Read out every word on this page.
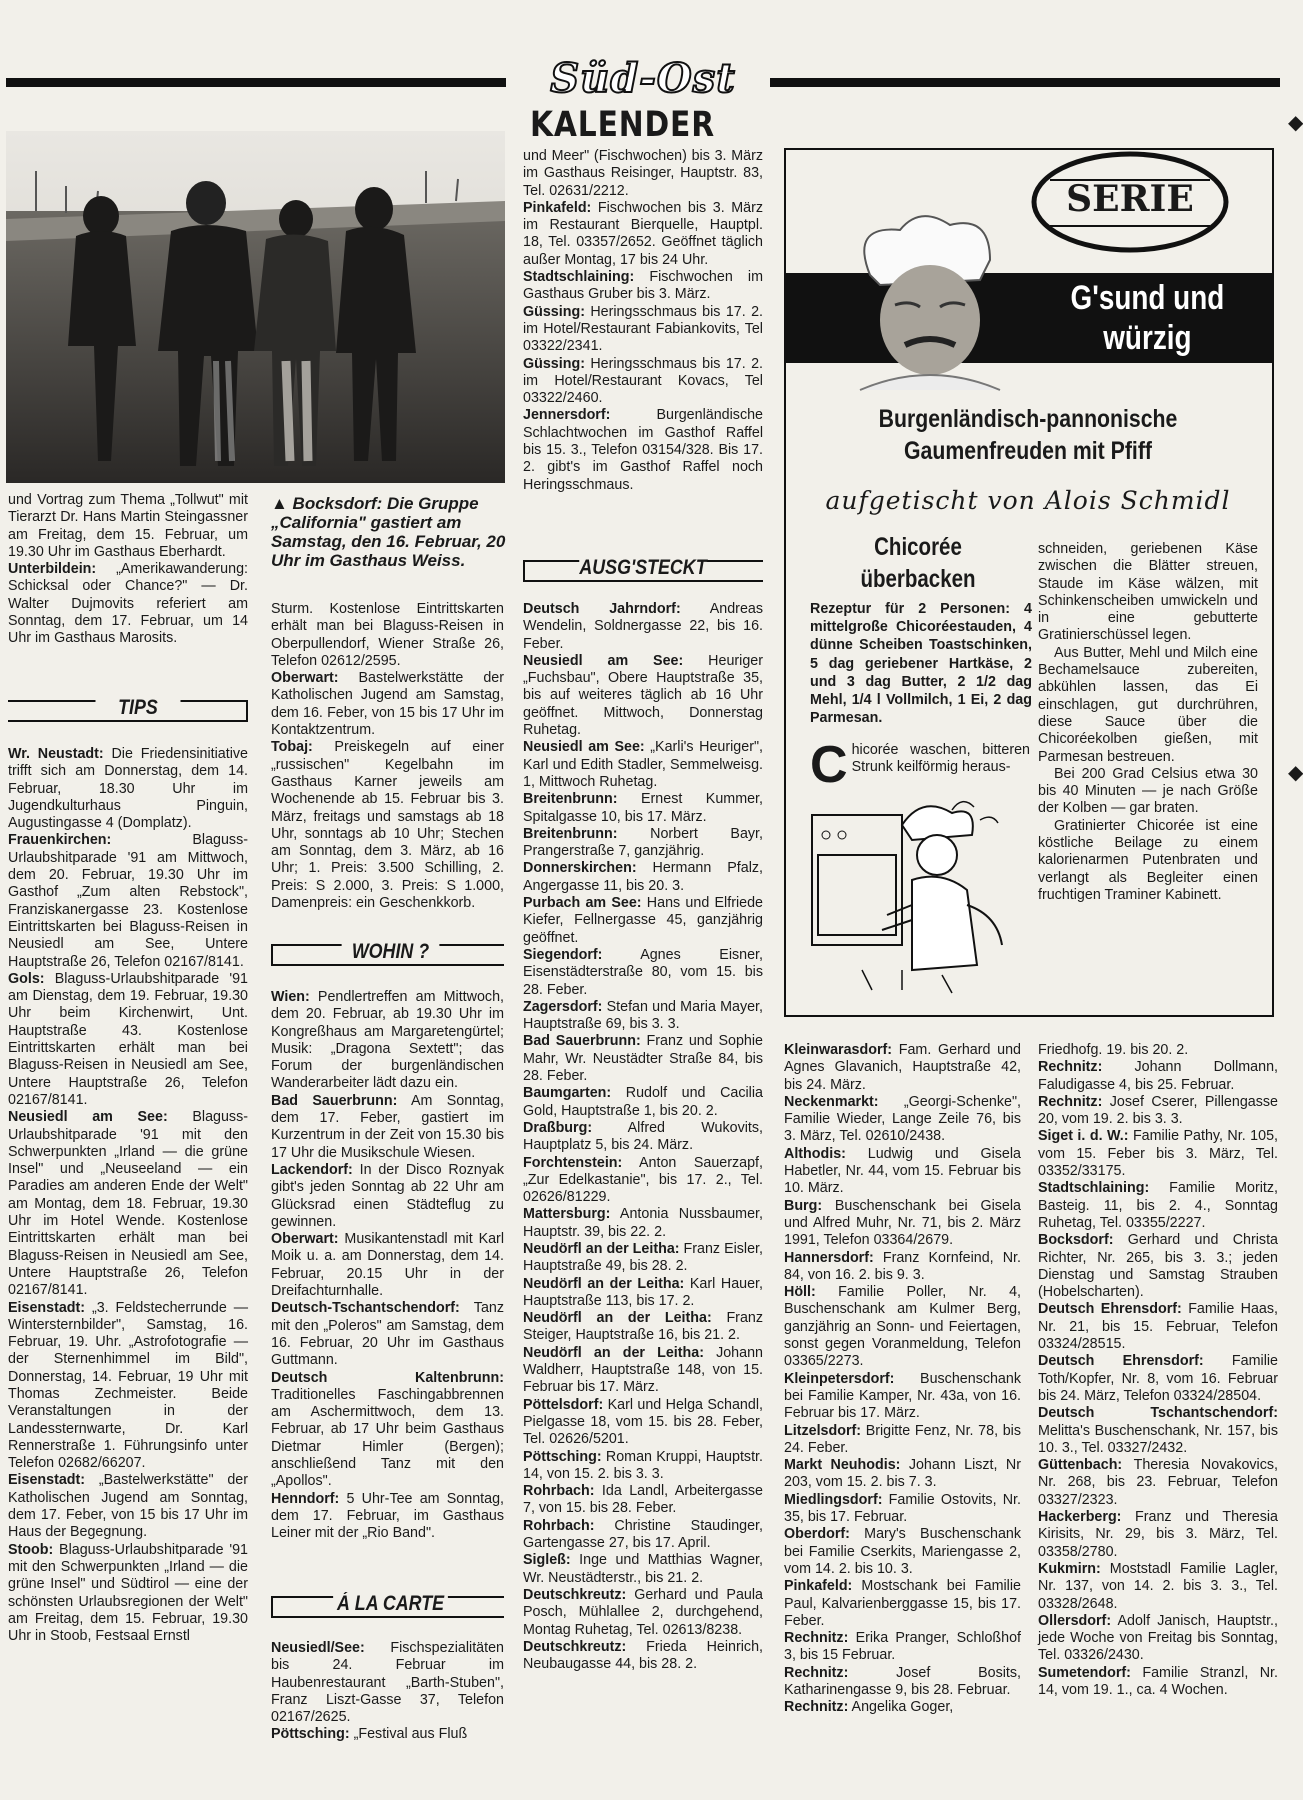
Süd-Ost
KALENDER
▲ Bocksdorf: Die Gruppe „California" gastiert am Samstag, den 16. Februar, 20 Uhr im Gasthaus Weiss.

und Vortrag zum Thema „Tollwut" mit Tierarzt Dr. Hans Martin Steingassner am Freitag, dem 15. Februar, um 19.30 Uhr im Gasthaus Eberhardt.

Unterbildein: „Amerikawanderung: Schicksal oder Chance?" — Dr. Walter Dujmovits referiert am Sonntag, dem 17. Februar, um 14 Uhr im Gasthaus Marosits.

TIPS

Wr. Neustadt: Die Friedensinitiative trifft sich am Donnerstag, dem 14. Februar, 18.30 Uhr im Jugendkulturhaus Pinguin, Augustingasse 4 (Domplatz).

Frauenkirchen: Blaguss-Urlaubshitparade '91 am Mittwoch, dem 20. Februar, 19.30 Uhr im Gasthof „Zum alten Rebstock", Franziskanergasse 23. Kostenlose Eintrittskarten bei Blaguss-Reisen in Neusiedl am See, Untere Hauptstraße 26, Telefon 02167/8141.

Gols: Blaguss-Urlaubshitparade '91 am Dienstag, dem 19. Februar, 19.30 Uhr beim Kirchenwirt, Unt. Hauptstraße 43. Kostenlose Eintrittskarten erhält man bei Blaguss-Reisen in Neusiedl am See, Untere Hauptstraße 26, Telefon 02167/8141.

Neusiedl am See: Blaguss-Urlaubshitparade '91 mit den Schwerpunkten „Irland — die grüne Insel" und „Neuseeland — ein Paradies am anderen Ende der Welt" am Montag, dem 18. Februar, 19.30 Uhr im Hotel Wende. Kostenlose Eintrittskarten erhält man bei Blaguss-Reisen in Neusiedl am See, Untere Hauptstraße 26, Telefon 02167/8141.

Eisenstadt: „3. Feldstecherrunde — Wintersternbilder", Samstag, 16. Februar, 19. Uhr. „Astrofotografie — der Sternenhimmel im Bild", Donnerstag, 14. Februar, 19 Uhr mit Thomas Zechmeister. Beide Veranstaltungen in der Landessternwarte, Dr. Karl Rennerstraße 1. Führungsinfo unter Telefon 02682/66207.

Eisenstadt: „Bastelwerkstätte" der Katholischen Jugend am Sonntag, dem 17. Feber, von 15 bis 17 Uhr im Haus der Begegnung.

Stoob: Blaguss-Urlaubshitparade '91 mit den Schwerpunkten „Irland — die grüne Insel" und Südtirol — eine der schönsten Urlaubsregionen der Welt" am Freitag, dem 15. Februar, 19.30 Uhr in Stoob, Festsaal Ernstl

Sturm. Kostenlose Eintrittskarten erhält man bei Blaguss-Reisen in Oberpullendorf, Wiener Straße 26, Telefon 02612/2595.

Oberwart: Bastelwerkstätte der Katholischen Jugend am Samstag, dem 16. Feber, von 15 bis 17 Uhr im Kontaktzentrum.

Tobaj: Preiskegeln auf einer „russischen" Kegelbahn im Gasthaus Karner jeweils am Wochenende ab 15. Februar bis 3. März, freitags und samstags ab 18 Uhr, sonntags ab 10 Uhr; Stechen am Sonntag, dem 3. März, ab 16 Uhr; 1. Preis: 3.500 Schilling, 2. Preis: S 2.000, 3. Preis: S 1.000, Damenpreis: ein Geschenkkorb.

WOHIN ?

Wien: Pendlertreffen am Mittwoch, dem 20. Februar, ab 19.30 Uhr im Kongreßhaus am Margaretengürtel; Musik: „Dragona Sextett"; das Forum der burgenländischen Wanderarbeiter lädt dazu ein.

Bad Sauerbrunn: Am Sonntag, dem 17. Feber, gastiert im Kurzentrum in der Zeit von 15.30 bis 17 Uhr die Musikschule Wiesen.

Lackendorf: In der Disco Roznyak gibt's jeden Sonntag ab 22 Uhr am Glücksrad einen Städteflug zu gewinnen.

Oberwart: Musikantenstadl mit Karl Moik u. a. am Donnerstag, dem 14. Februar, 20.15 Uhr in der Dreifachturnhalle.

Deutsch-Tschantschendorf: Tanz mit den „Poleros" am Samstag, dem 16. Februar, 20 Uhr im Gasthaus Guttmann.

Deutsch Kaltenbrunn: Traditionelles Faschingabbrennen am Aschermittwoch, dem 13. Februar, ab 17 Uhr beim Gasthaus Dietmar Himler (Bergen); anschließend Tanz mit den „Apollos".

Henndorf: 5 Uhr-Tee am Sonntag, dem 17. Februar, im Gasthaus Leiner mit der „Rio Band".

Á LA CARTE

Neusiedl/See: Fischspezialitäten bis 24. Februar im Haubenrestaurant „Barth-Stuben", Franz Liszt-Gasse 37, Telefon 02167/2625.

Pöttsching: „Festival aus Fluß

und Meer" (Fischwochen) bis 3. März im Gasthaus Reisinger, Hauptstr. 83, Tel. 02631/2212.

Pinkafeld: Fischwochen bis 3. März im Restaurant Bierquelle, Hauptpl. 18, Tel. 03357/2652. Geöffnet täglich außer Montag, 17 bis 24 Uhr.

Stadtschlaining: Fischwochen im Gasthaus Gruber bis 3. März.

Güssing: Heringsschmaus bis 17. 2. im Hotel/Restaurant Fabiankovits, Tel 03322/2341.

Güssing: Heringsschmaus bis 17. 2. im Hotel/Restaurant Kovacs, Tel 03322/2460.

Jennersdorf: Burgenländische Schlachtwochen im Gasthof Raffel bis 15. 3., Telefon 03154/328. Bis 17. 2. gibt's im Gasthof Raffel noch Heringsschmaus.

AUSG'STECKT

Deutsch Jahrndorf: Andreas Wendelin, Soldnergasse 22, bis 16. Feber.

Neusiedl am See: Heuriger „Fuchsbau", Obere Hauptstraße 35, bis auf weiteres täglich ab 16 Uhr geöffnet. Mittwoch, Donnerstag Ruhetag.

Neusiedl am See: „Karli's Heuriger", Karl und Edith Stadler, Semmelweisg. 1, Mittwoch Ruhetag.

Breitenbrunn: Ernest Kummer, Spitalgasse 10, bis 17. März.

Breitenbrunn: Norbert Bayr, Prangerstraße 7, ganzjährig.

Donnerskirchen: Hermann Pfalz, Angergasse 11, bis 20. 3.

Purbach am See: Hans und Elfriede Kiefer, Fellnergasse 45, ganzjährig geöffnet.

Siegendorf: Agnes Eisner, Eisenstädterstraße 80, vom 15. bis 28. Feber.

Zagersdorf: Stefan und Maria Mayer, Hauptstraße 69, bis 3. 3.

Bad Sauerbrunn: Franz und Sophie Mahr, Wr. Neustädter Straße 84, bis 28. Feber.

Baumgarten: Rudolf und Cacilia Gold, Hauptstraße 1, bis 20. 2.

Draßburg: Alfred Wukovits, Hauptplatz 5, bis 24. März.

Forchtenstein: Anton Sauerzapf, „Zur Edelkastanie", bis 17. 2., Tel. 02626/81229.

Mattersburg: Antonia Nussbaumer, Hauptstr. 39, bis 22. 2.

Neudörfl an der Leitha: Franz Eisler, Hauptstraße 49, bis 28. 2.

Neudörfl an der Leitha: Karl Hauer, Hauptstraße 113, bis 17. 2.

Neudörfl an der Leitha: Franz Steiger, Hauptstraße 16, bis 21. 2.

Neudörfl an der Leitha: Johann Waldherr, Hauptstraße 148, von 15. Februar bis 17. März.

Pöttelsdorf: Karl und Helga Schandl, Pielgasse 18, vom 15. bis 28. Feber, Tel. 02626/5201.

Pöttsching: Roman Kruppi, Hauptstr. 14, von 15. 2. bis 3. 3.

Rohrbach: Ida Landl, Arbeitergasse 7, von 15. bis 28. Feber.

Rohrbach: Christine Staudinger, Gartengasse 27, bis 17. April.

Sigleß: Inge und Matthias Wagner, Wr. Neustädterstr., bis 21. 2.

Deutschkreutz: Gerhard und Paula Posch, Mühlallee 2, durchgehend, Montag Ruhetag, Tel. 02613/8238.

Deutschkreutz: Frieda Heinrich, Neubaugasse 44, bis 28. 2.

G'sund und würzig
SERIE
Burgenländisch-pannonische Gaumenfreuden mit Pfiff
aufgetischt von Alois Schmidl
Chicorée überbacken
Rezeptur für 2 Personen: 4 mittelgroße Chicoréestauden, 4 dünne Scheiben Toastschinken, 5 dag geriebener Hartkäse, 2 und 3 dag Butter, 2 1/2 dag Mehl, 1/4 l Vollmilch, 1 Ei, 2 dag Parmesan.
C hicorée waschen, bitteren Strunk keilförmig heraus-

schneiden, geriebenen Käse zwischen die Blätter streuen, Staude im Käse wälzen, mit Schinkenscheiben umwickeln und in eine gebutterte Gratinierschüssel legen.

Aus Butter, Mehl und Milch eine Bechamelsauce zubereiten, abkühlen lassen, das Ei einschlagen, gut durchrühren, diese Sauce über die Chicoréekolben gießen, mit Parmesan bestreuen.

Bei 200 Grad Celsius etwa 30 bis 40 Minuten — je nach Größe der Kolben — gar braten.

Gratinierter Chicorée ist eine köstliche Beilage zu einem kalorienarmen Putenbraten und verlangt als Begleiter einen fruchtigen Traminer Kabinett.

Kleinwarasdorf: Fam. Gerhard und Agnes Glavanich, Hauptstraße 42, bis 24. März.

Neckenmarkt: „Georgi-Schenke", Familie Wieder, Lange Zeile 76, bis 3. März, Tel. 02610/2438.

Althodis: Ludwig und Gisela Habetler, Nr. 44, vom 15. Februar bis 10. März.

Burg: Buschenschank bei Gisela und Alfred Muhr, Nr. 71, bis 2. März 1991, Telefon 03364/2679.

Hannersdorf: Franz Kornfeind, Nr. 84, von 16. 2. bis 9. 3.

Höll: Familie Poller, Nr. 4, Buschenschank am Kulmer Berg, ganzjährig an Sonn- und Feiertagen, sonst gegen Voranmeldung, Telefon 03365/2273.

Kleinpetersdorf: Buschenschank bei Familie Kamper, Nr. 43a, von 16. Februar bis 17. März.

Litzelsdorf: Brigitte Fenz, Nr. 78, bis 24. Feber.

Markt Neuhodis: Johann Liszt, Nr 203, vom 15. 2. bis 7. 3.

Miedlingsdorf: Familie Ostovits, Nr. 35, bis 17. Februar.

Oberdorf: Mary's Buschenschank bei Familie Cserkits, Mariengasse 2, vom 14. 2. bis 10. 3.

Pinkafeld: Mostschank bei Familie Paul, Kalvarienberggasse 15, bis 17. Feber.

Rechnitz: Erika Pranger, Schloßhof 3, bis 15 Februar.

Rechnitz: Josef Bosits, Katharinengasse 9, bis 28. Februar.

Rechnitz: Angelika Goger,

Friedhofg. 19. bis 20. 2.

Rechnitz: Johann Dollmann, Faludigasse 4, bis 25. Februar.

Rechnitz: Josef Cserer, Pillengasse 20, vom 19. 2. bis 3. 3.

Siget i. d. W.: Familie Pathy, Nr. 105, vom 15. Feber bis 3. März, Tel. 03352/33175.

Stadtschlaining: Familie Moritz, Basteig. 11, bis 2. 4., Sonntag Ruhetag, Tel. 03355/2227.

Bocksdorf: Gerhard und Christa Richter, Nr. 265, bis 3. 3.; jeden Dienstag und Samstag Strauben (Hobelscharten).

Deutsch Ehrensdorf: Familie Haas, Nr. 21, bis 15. Februar, Telefon 03324/28515.

Deutsch Ehrensdorf: Familie Toth/Kopfer, Nr. 8, vom 16. Februar bis 24. März, Telefon 03324/28504.

Deutsch Tschantschendorf: Melitta's Buschenschank, Nr. 157, bis 10. 3., Tel. 03327/2432.

Güttenbach: Theresia Novakovics, Nr. 268, bis 23. Februar, Telefon 03327/2323.

Hackerberg: Franz und Theresia Kirisits, Nr. 29, bis 3. März, Tel. 03358/2780.

Kukmirn: Moststadl Familie Lagler, Nr. 137, von 14. 2. bis 3. 3., Tel. 03328/2648.

Ollersdorf: Adolf Janisch, Hauptstr., jede Woche von Freitag bis Sonntag, Tel. 03326/2430.

Sumetendorf: Familie Stranzl, Nr. 14, vom 19. 1., ca. 4 Wochen.

◆
◆
